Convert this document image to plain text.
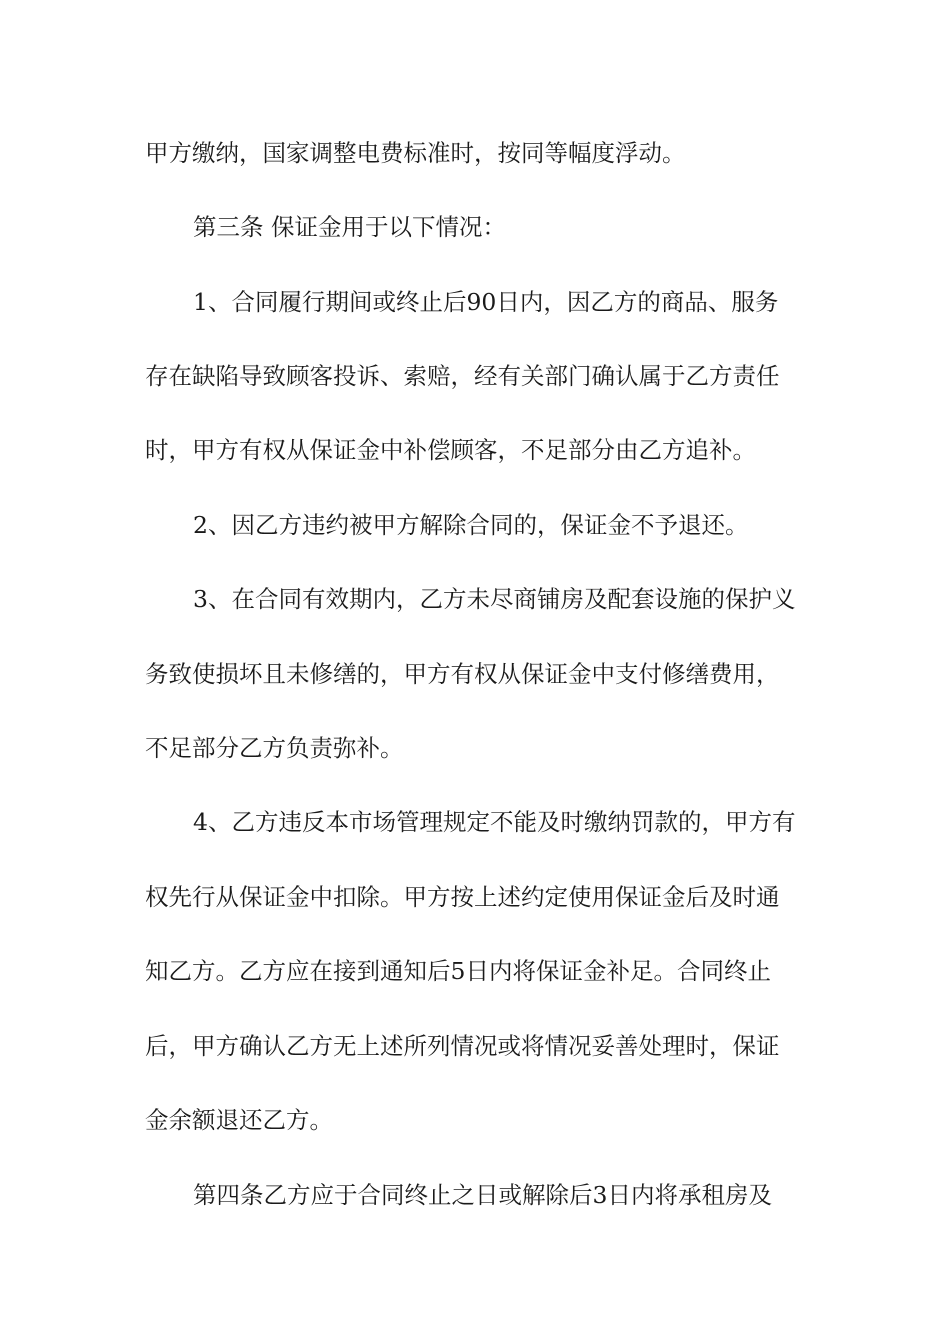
甲方缴纳，国家调整电费标准时，按同等幅度浮动。
第三条 保证金用于以下情况：
1、合同履行期间或终止后90日内，因乙方的商品、服务
存在缺陷导致顾客投诉、索赔，经有关部门确认属于乙方责任
时，甲方有权从保证金中补偿顾客，不足部分由乙方追补。
2、因乙方违约被甲方解除合同的，保证金不予退还。
3、在合同有效期内，乙方未尽商铺房及配套设施的保护义
务致使损坏且未修缮的，甲方有权从保证金中支付修缮费用，
不足部分乙方负责弥补。
4、乙方违反本市场管理规定不能及时缴纳罚款的，甲方有
权先行从保证金中扣除。甲方按上述约定使用保证金后及时通
知乙方。乙方应在接到通知后5日内将保证金补足。合同终止
后，甲方确认乙方无上述所列情况或将情况妥善处理时，保证
金余额退还乙方。
第四条乙方应于合同终止之日或解除后3日内将承租房及
